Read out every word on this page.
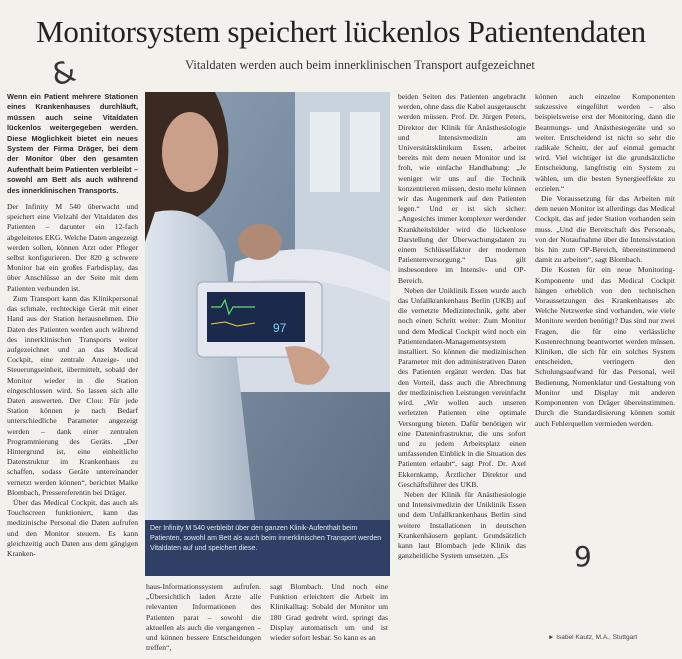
Monitorsystem speichert lückenlos Patientendaten
&	Vitaldaten werden auch beim innerklinischen Transport aufgezeichnet

Wenn ein Patient mehrere Stationen eines Krankenhauses durchläuft, müssen auch seine Vitaldaten lückenlos weitergegeben werden. Diese Möglichkeit bietet ein neues System der Firma Dräger, bei dem der Monitor über den gesamten Aufenthalt beim Patienten verbleibt – sowohl am Bett als auch während des innerklinischen Transports.

Der Infinity M 540 überwacht und speichert eine Vielzahl der Vitaldaten des Patienten – darunter ein 12-fach abgeleitetes EKG. Welche Daten angezeigt werden sollen, können Arzt oder Pfleger selbst konfigurieren. Der 820 g schwere Monitor hat ein großes Farbdisplay, das über Anschlüsse an der Seite mit dem Patienten verbunden ist.

Zum Transport kann das Klinikpersonal das schmale, rechteckige Gerät mit einer Hand aus der Station herausnehmen. Die Daten des Patienten werden auch während des innerklinischen Transports weiter aufgezeichnet und an das Medical Cockpit, eine zentrale Anzeige- und Steuerungseinheit, übermittelt, sobald der Monitor wieder in die Station eingeschlossen wird. So lassen sich alle Daten auswerten. Der Clou: Für jede Station können je nach Bedarf unterschiedliche Parameter angezeigt werden – dank einer zentralen Programmierung des Geräts. „Der Hintergrund ist, eine einheitliche Datenstruktur im Krankenhaus zu schaffen, sodass Geräte untereinander vernetzt werden können“, berichtet Maike Blombach, Pressereferentin bei Dräger.

Über das Medical Cockpit, das auch als Touchscreen funktioniert, kann das medizinische Personal die Daten aufrufen und den Monitor steuern. Es kann gleichzeitig auch Daten aus dem gängigen Kranken-

97
Der Infinity M 540 verbleibt über den ganzen Klinik-Aufenthalt beim Patienten, sowohl am Bett als auch beim innerklinischen Transport werden Vitaldaten auf und speichert diese.

haus-Informationssystem aufrufen. „Übersichtlich laden Arzte alle relevanten Informationen des Patienten parat – sowohl die aktuellen als auch die vergangenen – und können bessere Entscheidungen treffen“,

sagt Blombach. Und noch eine Funktion erleichtert die Arbeit im Klinikalltag: Sobald der Monitor um 180 Grad gedreht wird, springt das Display automatisch um und ist wieder sofort lesbar. So kann es an

beiden Seiten des Patienten angebracht werden, ohne dass die Kabel ausgetauscht werden müssen. Prof. Dr. Jürgen Peters, Direktor der Klinik für Anästhesiologie und Intensivmedizin am Universitätsklinikum Essen, arbeitet bereits mit dem neuen Monitor und ist froh, wie einfache Handhabung: „Je weniger wir uns auf die Technik konzentrieren müssen, desto mehr können wir das Augenmerk auf den Patienten legen.“ Und er ist sich sicher: „Angesichts immer komplexer werdender Krankheitsbilder wird die lückenlose Darstellung der Überwachungsdaten zu einem Schlüsselfaktor der modernen Patientenversorgung.“ Das gilt insbesondere im Intensiv- und OP-Bereich.

Neben der Uniklinik Essen wurde auch das Unfallkrankenhaus Berlin (UKB) auf die vernetzte Medizintechnik, geht aber noch einen Schritt weiter: Zum Monitor und dem Medical Cockpit wird noch ein Patientendaten-Managementsystem installiert. So können die medizinischen Parameter mit den administrativen Daten des Patienten ergänzt werden. Das hat den Vorteil, dass auch die Abrechnung der medizinischen Leistungen vereinfacht wird. „Wir wollen auch unseren verletzten Patienten eine optimale Versorgung bieten. Dafür benötigen wir eine Dateninfrastruktur, die uns sofort und zu jedem Arbeitsplatz einen umfassenden Einblick in die Situation des Patienten erlaubt“, sagt Prof. Dr. Axel Ekkernkamp, Ärztlicher Direktor und Geschäftsführer des UKB.

Neben der Klinik für Anästhesiologie und Intensivmedizin der Uniklinik Essen und dem Unfallkrankenhaus Berlin sind weitere Installationen in deutschen Krankenhäusern geplant. Grundsätzlich kann laut Blombach jede Klinik das ganzheitliche System umsetzen. „Es

können auch einzelne Komponenten sukzessive eingeführt werden – also beispielsweise erst der Monitoring, dann die Beatmungs- und Anästhesiegeräte und so weiter. Entscheidend ist nicht so sehr die radikale Schnitt, der auf einmal gemacht wird. Viel wichtiger ist die grundsätzliche Entscheidung, langfristig ein System zu wählen, um die besten Synergieeffekte zu erzielen.“

Die Voraussetzung für das Arbeiten mit dem neuen Monitor ist allerdings das Medical Cockpit, das auf jeder Station vorhanden sein muss. „Und die Bereitschaft des Personals, von der Notaufnahme über die Intensivstation bis hin zum OP-Bereich, übereinstimmend damit zu arbeiten“, sagt Blombach.

Die Kosten für ein neue Monitoring-Komponente und das Medical Cockpit hängen erheblich von den technischen Voraussetzungen des Krankenhauses ab: Welche Netzwerke sind vorhanden, wie viele Monitore werden benötigt? Das sind nur zwei Fragen, die für eine verlässliche Kostenrechnung beantwortet werden müssen. Kliniken, die sich für ein solches System entscheiden, verringern den Schulungsaufwand für das Personal, weil Bedienung, Nomenklatur und Gestaltung von Monitor und Display mit anderen Komponenten von Dräger übereinstimmen. Durch die Standardisierung können somit auch Fehlerquellen vermieden werden.

9
► Isabel Kautz, M.A., Stuttgart
